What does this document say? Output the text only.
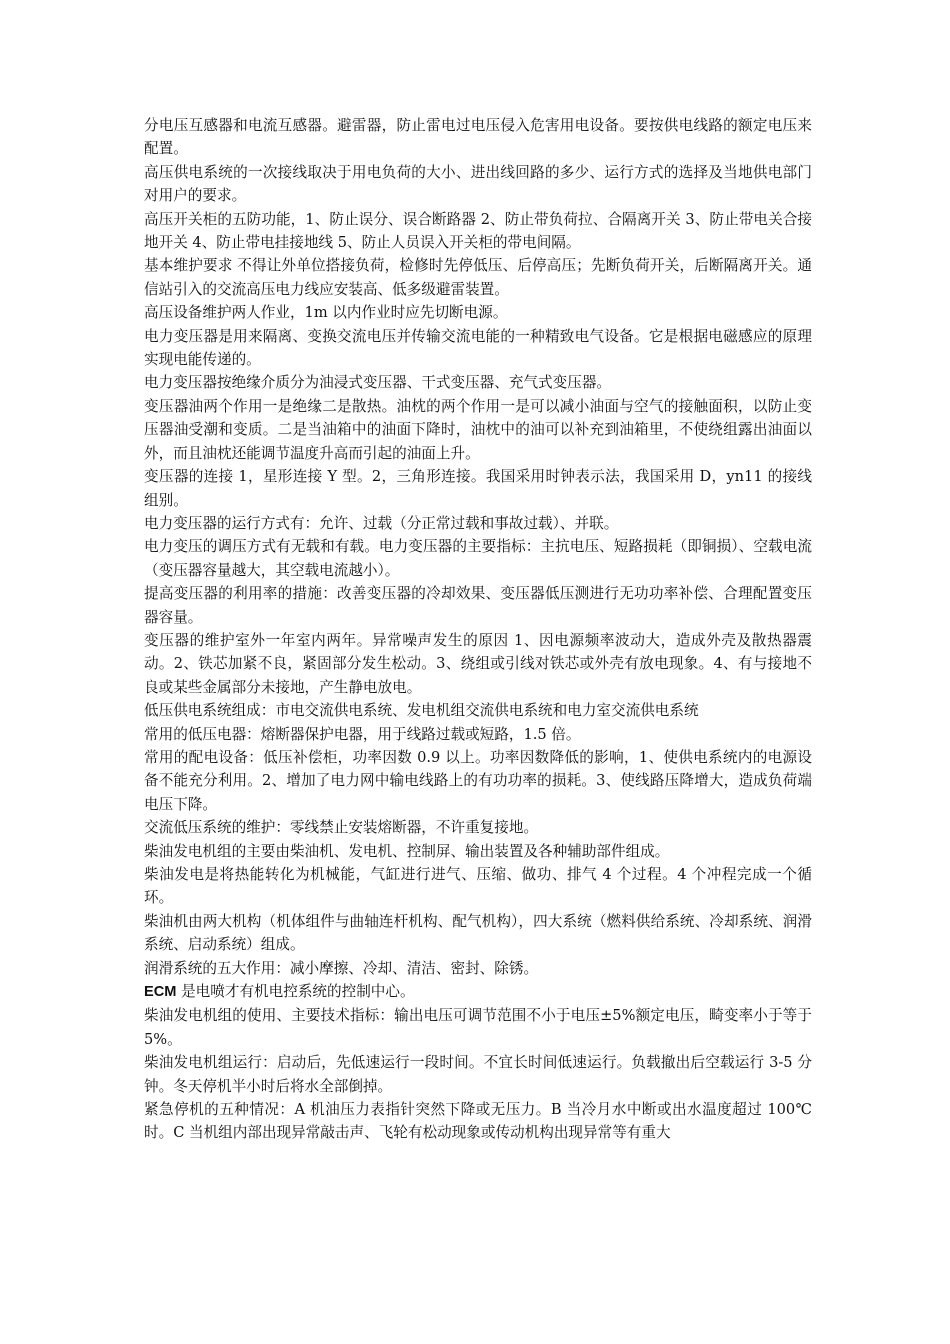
分电压互感器和电流互感器。避雷器，防止雷电过电压侵入危害用电设备。要按供电线路的额定电压来配置。

高压供电系统的一次接线取决于用电负荷的大小、进出线回路的多少、运行方式的选择及当地供电部门对用户的要求。

高压开关柜的五防功能，1、防止误分、误合断路器 2、防止带负荷拉、合隔离开关 3、防止带电关合接地开关 4、防止带电挂接地线 5、防止人员误入开关柜的带电间隔。

基本维护要求 不得让外单位搭接负荷，检修时先停低压、后停高压；先断负荷开关，后断隔离开关。通信站引入的交流高压电力线应安装高、低多级避雷装置。

高压设备维护两人作业，1m 以内作业时应先切断电源。

电力变压器是用来隔离、变换交流电压并传输交流电能的一种精致电气设备。它是根据电磁感应的原理实现电能传递的。

电力变压器按绝缘介质分为油浸式变压器、干式变压器、充气式变压器。

变压器油两个作用一是绝缘二是散热。油枕的两个作用一是可以减小油面与空气的接触面积，以防止变压器油受潮和变质。二是当油箱中的油面下降时，油枕中的油可以补充到油箱里，不使绕组露出油面以外，而且油枕还能调节温度升高而引起的油面上升。

变压器的连接 1，星形连接 Y 型。2，三角形连接。我国采用时钟表示法，我国采用 D，yn11 的接线组别。

电力变压器的运行方式有：允许、过载（分正常过载和事故过载）、并联。

电力变压的调压方式有无载和有载。电力变压器的主要指标：主抗电压、短路损耗（即铜损）、空载电流（变压器容量越大，其空载电流越小）。

提高变压器的利用率的措施：改善变压器的冷却效果、变压器低压测进行无功功率补偿、合理配置变压器容量。

变压器的维护室外一年室内两年。异常噪声发生的原因 1、因电源频率波动大，造成外壳及散热器震动。2、铁芯加紧不良，紧固部分发生松动。3、绕组或引线对铁芯或外壳有放电现象。4、有与接地不良或某些金属部分未接地，产生静电放电。

低压供电系统组成：市电交流供电系统、发电机组交流供电系统和电力室交流供电系统

常用的低压电器：熔断器保护电器，用于线路过载或短路，1.5 倍。

常用的配电设备：低压补偿柜，功率因数 0.9 以上。功率因数降低的影响，1、使供电系统内的电源设备不能充分利用。2、增加了电力网中输电线路上的有功功率的损耗。3、使线路压降增大，造成负荷端电压下降。

交流低压系统的维护：零线禁止安装熔断器，不许重复接地。

柴油发电机组的主要由柴油机、发电机、控制屏、输出装置及各种辅助部件组成。

柴油发电是将热能转化为机械能，气缸进行进气、压缩、做功、排气 4 个过程。4 个冲程完成一个循环。

柴油机由两大机构（机体组件与曲轴连杆机构、配气机构），四大系统（燃料供给系统、冷却系统、润滑系统、启动系统）组成。

润滑系统的五大作用：减小摩擦、冷却、清洁、密封、除锈。

ECM 是电喷才有机电控系统的控制中心。

柴油发电机组的使用、主要技术指标：输出电压可调节范围不小于电压±5%额定电压，畸变率小于等于 5%。

柴油发电机组运行：启动后，先低速运行一段时间。不宜长时间低速运行。负载撤出后空载运行 3-5 分钟。冬天停机半小时后将水全部倒掉。

紧急停机的五种情况：A 机油压力表指针突然下降或无压力。B 当冷月水中断或出水温度超过 100℃时。C 当机组内部出现异常敲击声、飞轮有松动现象或传动机构出现异常等有重大
